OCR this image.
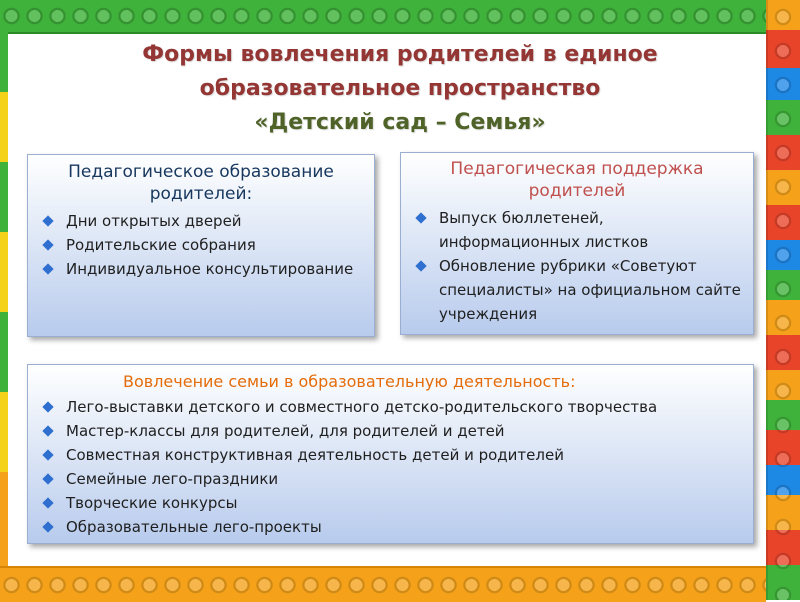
Формы вовлечения родителей в единое
образовательное пространство
«Детский сад – Семья»
Педагогическое образование родителей:
Дни открытых дверей
Родительские собрания
Индивидуальное консультирование
Педагогическая поддержка родителей
Выпуск бюллетеней, информационных листков
Обновление рубрики «Советуют специалисты» на официальном сайте учреждения
Вовлечение семьи в образовательную деятельность:
Лего-выставки детского и совместного детско-родительского творчества
Мастер-классы для родителей, для родителей и детей
Совместная конструктивная деятельность детей и родителей
Семейные лего-праздники
Творческие конкурсы
Образовательные лего-проекты
